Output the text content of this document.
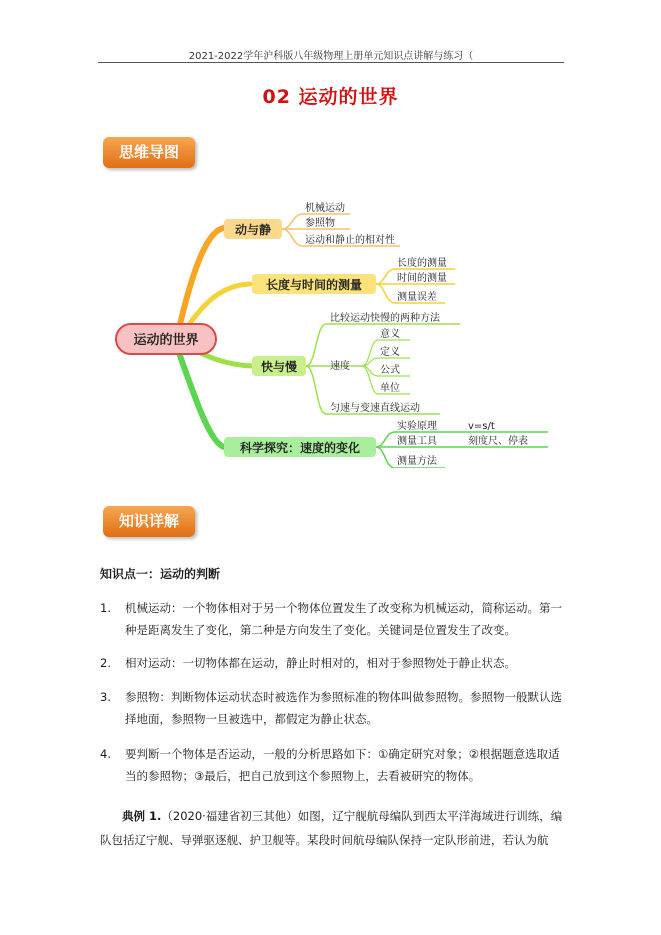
2021-2022学年沪科版八年级物理上册单元知识点讲解与练习（
02 运动的世界
思维导图
运动的世界
动与静
机械运动
参照物
运动和静止的相对性
长度与时间的测量
长度的测量
时间的测量
测量误差
快与慢
比较运动快慢的两种方法
速度
匀速与变速直线运动
意义
定义
公式
单位
科学探究：速度的变化
实验原理
测量工具
测量方法
v=s/t
刻度尺、停表
知识详解
知识点一：运动的判断
1.	机械运动：一个物体相对于另一个物体位置发生了改变称为机械运动，简称运动。第一种是距离发生了变化，第二种是方向发生了变化。关键词是位置发生了改变。
2.	相对运动：一切物体都在运动，静止时相对的，相对于参照物处于静止状态。
3.	参照物：判断物体运动状态时被选作为参照标准的物体叫做参照物。参照物一般默认选择地面，参照物一旦被选中，都假定为静止状态。
4.	要判断一个物体是否运动，一般的分析思路如下：①确定研究对象；②根据题意选取适当的参照物；③最后，把自己放到这个参照物上，去看被研究的物体。
典例 1.（2020·福建省初三其他）如图，辽宁舰航母编队到西太平洋海域进行训练，编队包括辽宁舰、导弹驱逐舰、护卫舰等。某段时间航母编队保持一定队形前进，若认为航
